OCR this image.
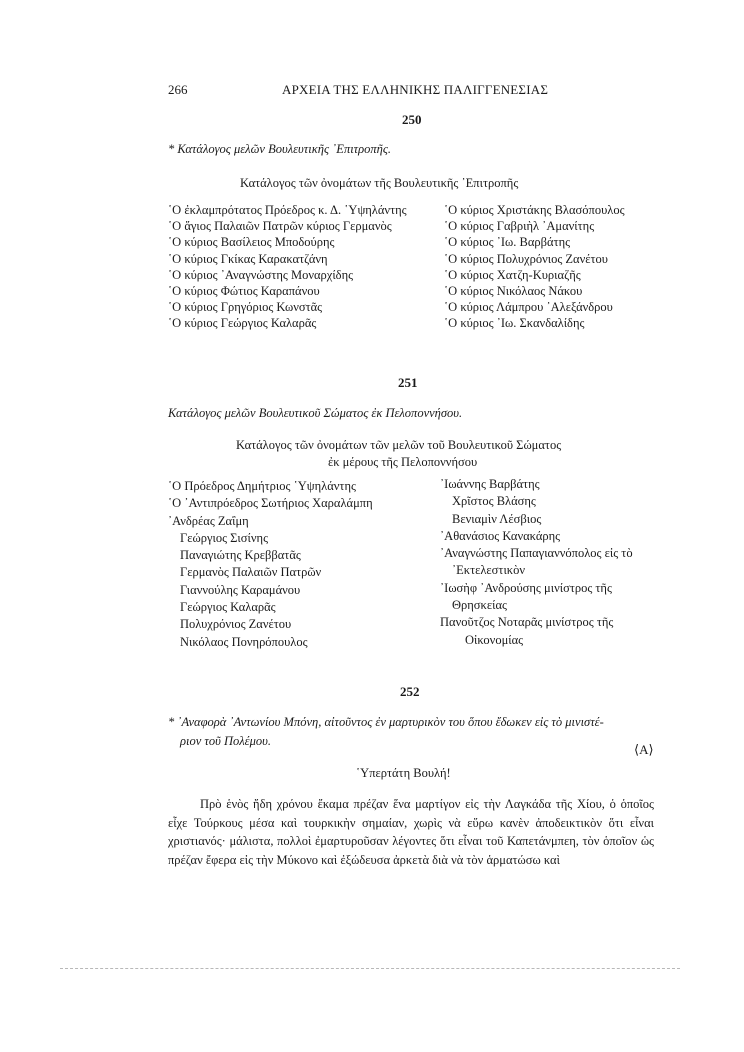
266	ΑΡΧΕΙΑ ΤΗΣ ΕΛΛΗΝΙΚΗΣ ΠΑΛΙΓΓΕΝΕΣΙΑΣ
250
* Κατάλογος μελῶν Βουλευτικῆς ᾿Επιτροπῆς.
Κατάλογος τῶν ὀνομάτων τῆς Βουλευτικῆς ᾿Επιτροπῆς
῾Ο ἐκλαμπρότατος Πρόεδρος κ. Δ. ῾Υψηλάντης
῾Ο ἅγιος Παλαιῶν Πατρῶν κύριος Γερμανὸς
῾Ο κύριος Βασίλειος Μποδούρης
῾Ο κύριος Γκίκας Καρακατζάνη
῾Ο κύριος ᾿Αναγνώστης Μοναρχίδης
῾Ο κύριος Φώτιος Καραπάνου
῾Ο κύριος Γρηγόριος Κωνστᾶς
῾Ο κύριος Γεώργιος Καλαρᾶς
῾Ο κύριος Χριστάκης Βλασόπουλος
῾Ο κύριος Γαβριὴλ ᾿Αμανίτης
῾Ο κύριος ᾿Ιω. Βαρβάτης
῾Ο κύριος Πολυχρόνιος Ζανέτου
῾Ο κύριος Χατζη-Κυριαζῆς
῾Ο κύριος Νικόλαος Νάκου
῾Ο κύριος Λάμπρου ᾿Αλεξάνδρου
῾Ο κύριος ᾿Ιω. Σκανδαλίδης
251
Κατάλογος μελῶν Βουλευτικοῦ Σώματος ἐκ Πελοποννήσου.
Κατάλογος τῶν ὀνομάτων τῶν μελῶν τοῦ Βουλευτικοῦ Σώματος
ἐκ μέρους τῆς Πελοποννήσου
῾Ο Πρόεδρος Δημήτριος ῾Υψηλάντης
῾Ο ᾿Αντιπρόεδρος Σωτήριος Χαραλάμπη
᾿Ανδρέας Ζαΐμη
Γεώργιος Σισίνης
Παναγιώτης Κρεββατᾶς
Γερμανὸς Παλαιῶν Πατρῶν
Γιαννούλης Καραμάνου
Γεώργιος Καλαρᾶς
Πολυχρόνιος Ζανέτου
Νικόλαος Πονηρόπουλος
᾿Ιωάννης Βαρβάτης
Χρῖστος Βλάσης
Βενιαμὶν Λέσβιος
᾿Αθανάσιος Κανακάρης
᾿Αναγνώστης Παπαγιαννόπολος εἰς τὸ
᾿Εκτελεστικὸν
᾿Ιωσὴφ ᾿Ανδρούσης μινίστρος τῆς
Θρησκείας
Πανοῦτζος Νοταρᾶς μινίστρος τῆς
Οἰκονομίας
252
* ᾿Αναφορὰ ᾿Αντωνίου Μπόνη, αἰτοῦντος ἐν μαρτυρικὸν του ὅπου ἔδωκεν εἰς τὸ μινιστέ-
ριον τοῦ Πολέμου.
⟨Α⟩
῾Υπερτάτη Βουλή!
Πρὸ ἑνὸς ἤδη χρόνου ἔκαμα πρέζαν ἕνα μαρτίγον εἰς τὴν Λαγκάδα τῆς Χίου, ὁ ὁποῖος εἶχε Τούρκους μέσα καὶ τουρκικὴν σημαίαν, χωρὶς νὰ εὕρω κανὲν ἀποδεικτικὸν ὅτι εἶναι χριστιανός· μάλιστα, πολλοὶ ἐμαρτυροῦσαν λέγοντες ὅτι εἶναι τοῦ Καπετάνμπεη, τὸν ὁποῖον ὡς πρέζαν ἔφερα εἰς τὴν Μύκονο καὶ ἐξώδευσα ἀρκετὰ διὰ νὰ τὸν ἁρματώσω καὶ
